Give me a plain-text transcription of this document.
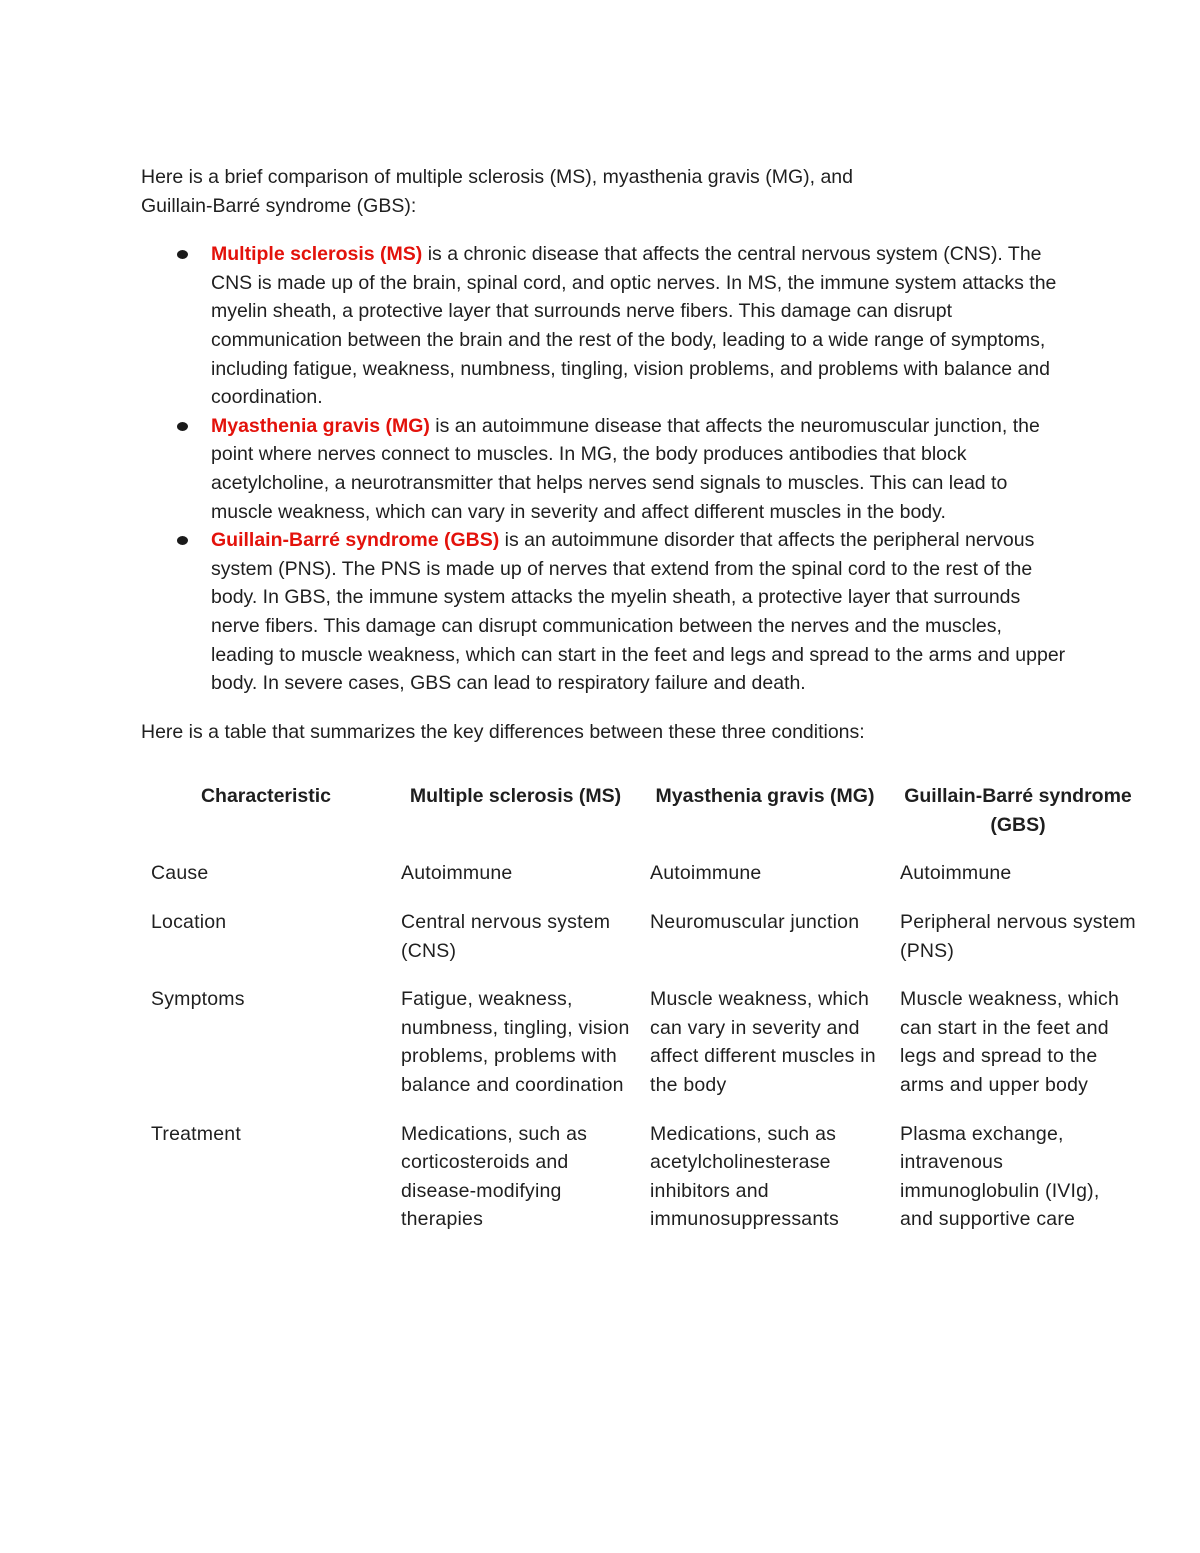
Here is a brief comparison of multiple sclerosis (MS), myasthenia gravis (MG), and
Guillain-Barré syndrome (GBS):

Multiple sclerosis (MS) is a chronic disease that affects the central nervous system (CNS). The CNS is made up of the brain, spinal cord, and optic nerves. In MS, the immune system attacks the myelin sheath, a protective layer that surrounds nerve fibers. This damage can disrupt communication between the brain and the rest of the body, leading to a wide range of symptoms, including fatigue, weakness, numbness, tingling, vision problems, and problems with balance and coordination.
Myasthenia gravis (MG) is an autoimmune disease that affects the neuromuscular junction, the point where nerves connect to muscles. In MG, the body produces antibodies that block acetylcholine, a neurotransmitter that helps nerves send signals to muscles. This can lead to muscle weakness, which can vary in severity and affect different muscles in the body.
Guillain-Barré syndrome (GBS) is an autoimmune disorder that affects the peripheral nervous system (PNS). The PNS is made up of nerves that extend from the spinal cord to the rest of the body. In GBS, the immune system attacks the myelin sheath, a protective layer that surrounds nerve fibers. This damage can disrupt communication between the nerves and the muscles, leading to muscle weakness, which can start in the feet and legs and spread to the arms and upper body. In severe cases, GBS can lead to respiratory failure and death.

Here is a table that summarizes the key differences between these three conditions:

Characteristic	Multiple sclerosis (MS)	Myasthenia gravis (MG)	Guillain-Barré syndrome (GBS)
Cause	Autoimmune	Autoimmune	Autoimmune
Location	Central nervous system (CNS)	Neuromuscular junction	Peripheral nervous system (PNS)
Symptoms	Fatigue, weakness, numbness, tingling, vision problems, problems with balance and coordination	Muscle weakness, which can vary in severity and affect different muscles in the body	Muscle weakness, which can start in the feet and legs and spread to the arms and upper body
Treatment	Medications, such as corticosteroids and disease-modifying therapies	Medications, such as acetylcholinesterase inhibitors and immunosuppressants	Plasma exchange, intravenous immunoglobulin (IVIg), and supportive care
